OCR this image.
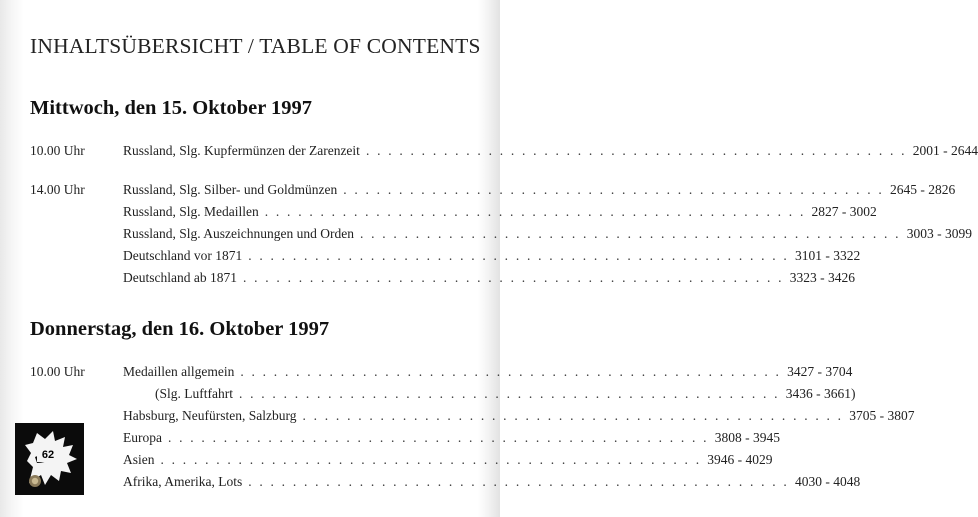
INHALTSÜBERSICHT / TABLE OF CONTENTS
Mittwoch, den 15. Oktober 1997
10.00 Uhr	Russland, Slg. Kupfermünzen der Zarenzeit . . . . . . . . . . . . . . . . . . . . . . . . . . . . . . . . . . . . . . . . . . . . . . . . . 2001 - 2644
14.00 Uhr	Russland, Slg. Silber- und Goldmünzen . . . . . . . . . . . . . . . . . . . . . . . . . . . . . . . . . . . . . . . . . . . . . . . . . 2645 - 2826
Russland, Slg. Medaillen . . . . . . . . . . . . . . . . . . . . . . . . . . . . . . . . . . . . . . . . . . . . . . . . . 2827 - 3002
Russland, Slg. Auszeichnungen und Orden . . . . . . . . . . . . . . . . . . . . . . . . . . . . . . . . . . . . . . . . . . . . . . . . . 3003 - 3099
Deutschland vor 1871 . . . . . . . . . . . . . . . . . . . . . . . . . . . . . . . . . . . . . . . . . . . . . . . . . 3101 - 3322
Deutschland ab 1871 . . . . . . . . . . . . . . . . . . . . . . . . . . . . . . . . . . . . . . . . . . . . . . . . . 3323 - 3426
Donnerstag, den 16. Oktober 1997
10.00 Uhr	Medaillen allgemein . . . . . . . . . . . . . . . . . . . . . . . . . . . . . . . . . . . . . . . . . . . . . . . . . 3427 - 3704
(Slg. Luftfahrt . . . . . . . . . . . . . . . . . . . . . . . . . . . . . . . . . . . . . . . . . . . . . . . . . 3436 - 3661)
Habsburg, Neufürsten, Salzburg . . . . . . . . . . . . . . . . . . . . . . . . . . . . . . . . . . . . . . . . . . . . . . . . . 3705 - 3807
Europa . . . . . . . . . . . . . . . . . . . . . . . . . . . . . . . . . . . . . . . . . . . . . . . . . 3808 - 3945
Asien . . . . . . . . . . . . . . . . . . . . . . . . . . . . . . . . . . . . . . . . . . . . . . . . . 3946 - 4029
Afrika, Amerika, Lots . . . . . . . . . . . . . . . . . . . . . . . . . . . . . . . . . . . . . . . . . . . . . . . . . 4030 - 4048
62
